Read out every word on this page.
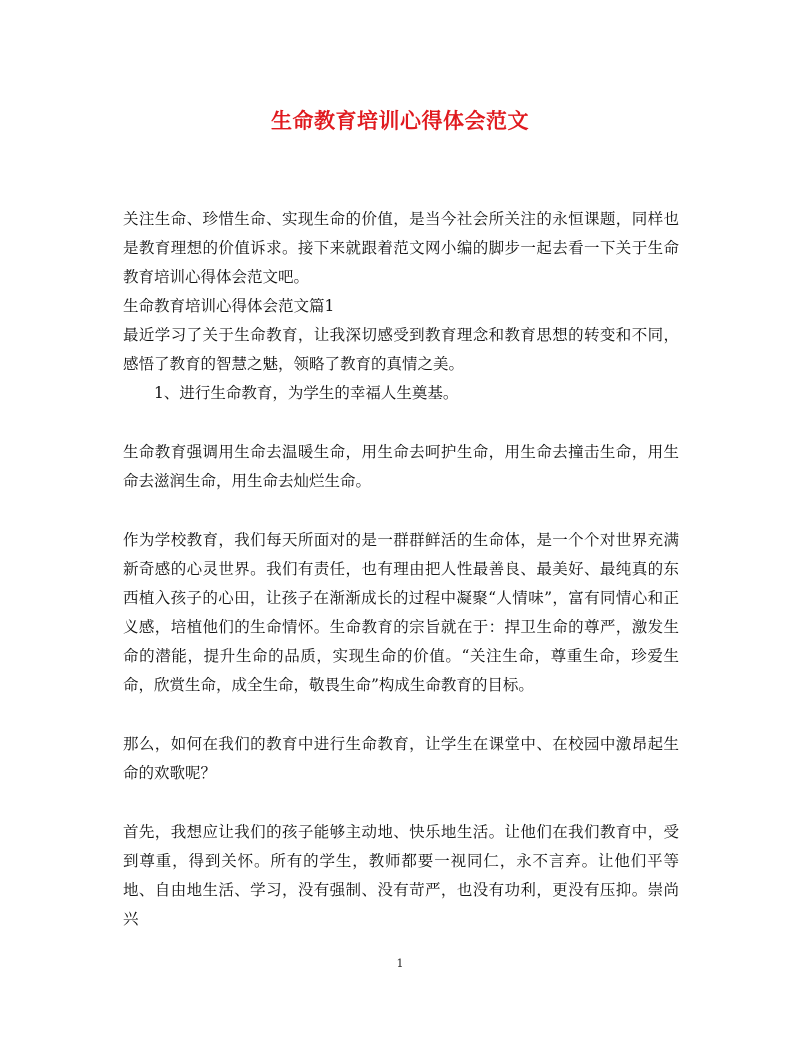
生命教育培训心得体会范文

关注生命、珍惜生命、实现生命的价值，是当今社会所关注的永恒课题，同样也是教育理想的价值诉求。接下来就跟着范文网小编的脚步一起去看一下关于生命教育培训心得体会范文吧。

生命教育培训心得体会范文篇1

最近学习了关于生命教育，让我深切感受到教育理念和教育思想的转变和不同，感悟了教育的智慧之魅，领略了教育的真情之美。

1、进行生命教育，为学生的幸福人生奠基。

生命教育强调用生命去温暖生命，用生命去呵护生命，用生命去撞击生命，用生命去滋润生命，用生命去灿烂生命。

作为学校教育，我们每天所面对的是一群群鲜活的生命体，是一个个对世界充满新奇感的心灵世界。我们有责任，也有理由把人性最善良、最美好、最纯真的东西植入孩子的心田，让孩子在渐渐成长的过程中凝聚“人情味”，富有同情心和正义感，培植他们的生命情怀。生命教育的宗旨就在于：捍卫生命的尊严，激发生命的潜能，提升生命的品质，实现生命的价值。“关注生命，尊重生命，珍爱生命，欣赏生命，成全生命，敬畏生命”构成生命教育的目标。

那么，如何在我们的教育中进行生命教育，让学生在课堂中、在校园中激昂起生命的欢歌呢？

首先，我想应让我们的孩子能够主动地、快乐地生活。让他们在我们教育中，受到尊重，得到关怀。所有的学生，教师都要一视同仁，永不言弃。让他们平等地、自由地生活、学习，没有强制、没有苛严，也没有功利，更没有压抑。崇尚兴

1
